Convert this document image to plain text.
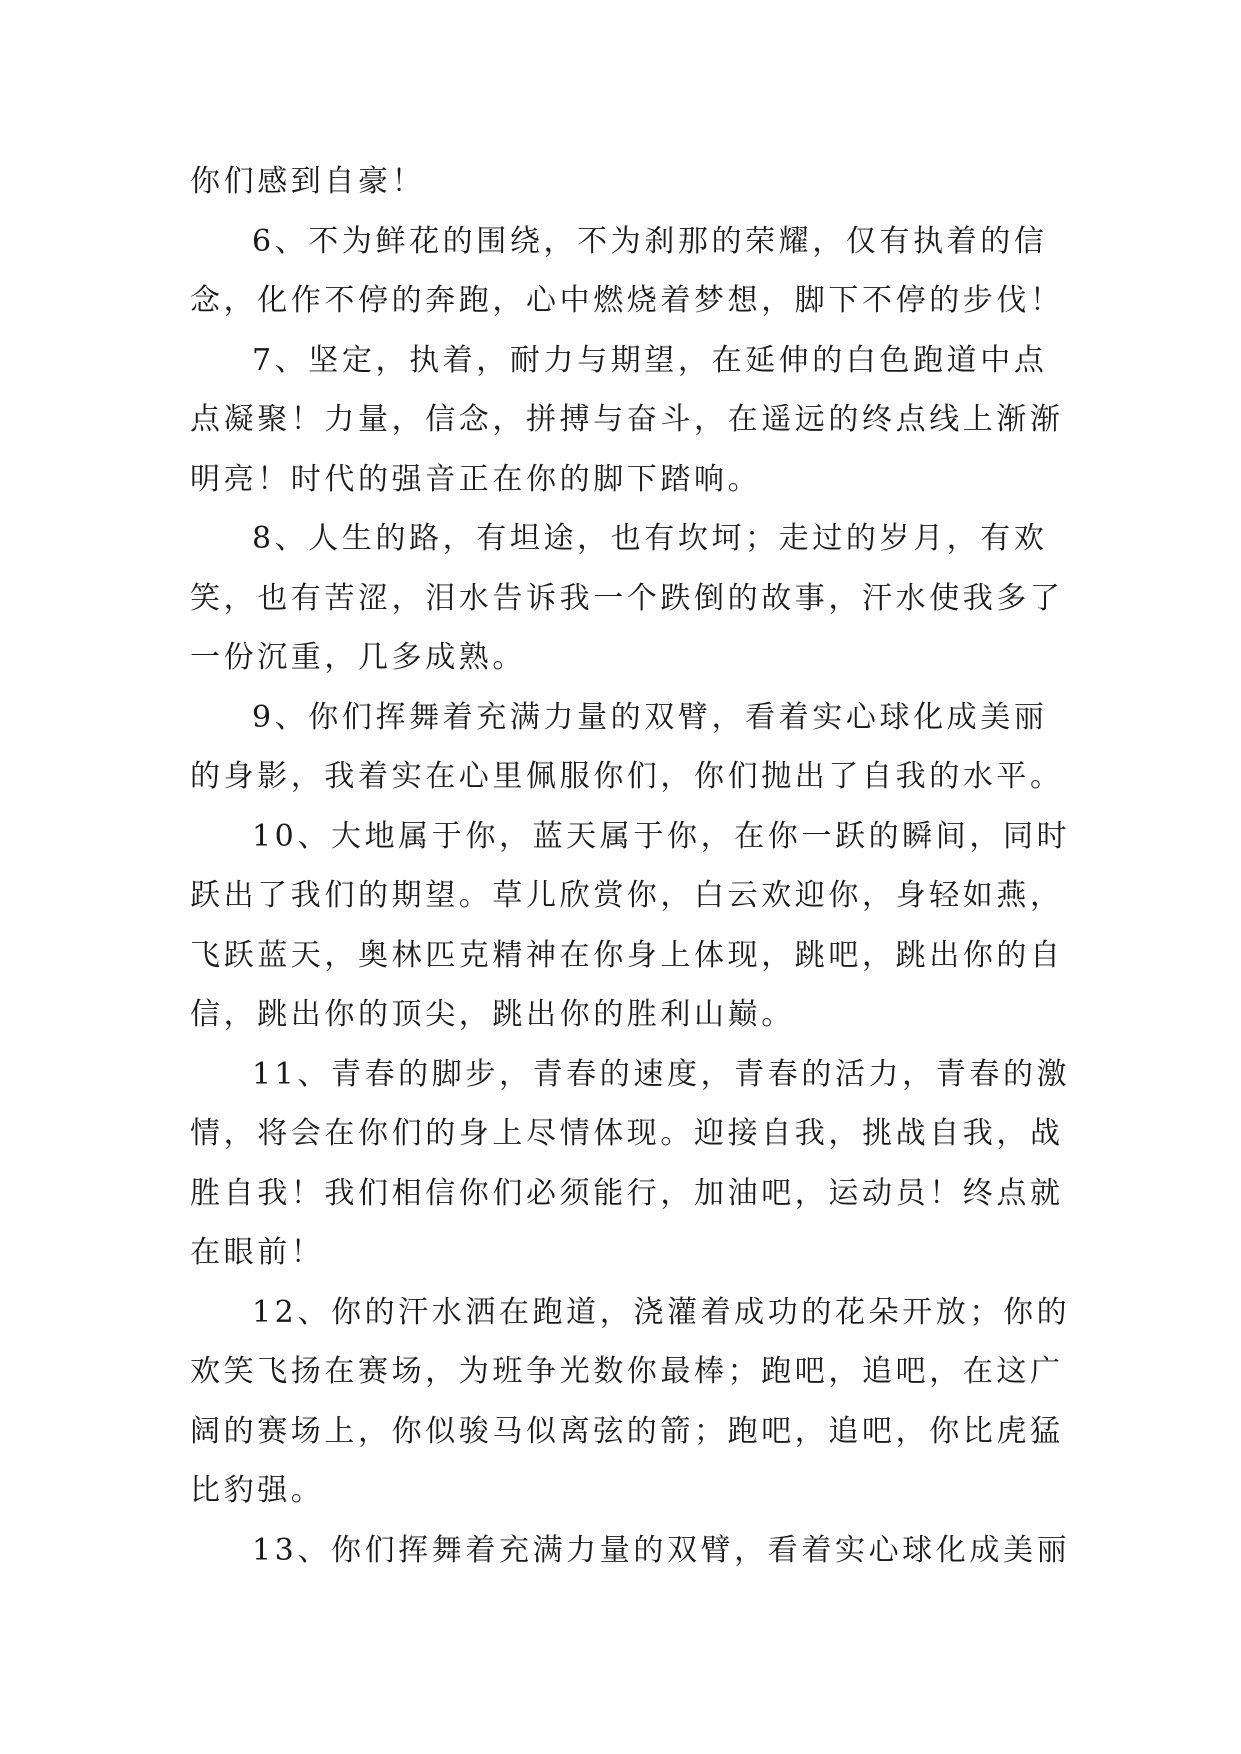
你们感到自豪！
6、不为鲜花的围绕，不为刹那的荣耀，仅有执着的信
念，化作不停的奔跑，心中燃烧着梦想，脚下不停的步伐！
7、坚定，执着，耐力与期望，在延伸的白色跑道中点
点凝聚！力量，信念，拼搏与奋斗，在遥远的终点线上渐渐
明亮！时代的强音正在你的脚下踏响。
8、人生的路，有坦途，也有坎坷；走过的岁月，有欢
笑，也有苦涩，泪水告诉我一个跌倒的故事，汗水使我多了
一份沉重，几多成熟。
9、你们挥舞着充满力量的双臂，看着实心球化成美丽
的身影，我着实在心里佩服你们，你们抛出了自我的水平。
10、大地属于你，蓝天属于你，在你一跃的瞬间，同时
跃出了我们的期望。草儿欣赏你，白云欢迎你，身轻如燕，
飞跃蓝天，奥林匹克精神在你身上体现，跳吧，跳出你的自
信，跳出你的顶尖，跳出你的胜利山巅。
11、青春的脚步，青春的速度，青春的活力，青春的激
情，将会在你们的身上尽情体现。迎接自我，挑战自我，战
胜自我！我们相信你们必须能行，加油吧，运动员！终点就
在眼前！
12、你的汗水洒在跑道，浇灌着成功的花朵开放；你的
欢笑飞扬在赛场，为班争光数你最棒；跑吧，追吧，在这广
阔的赛场上，你似骏马似离弦的箭；跑吧，追吧，你比虎猛
比豹强。
13、你们挥舞着充满力量的双臂，看着实心球化成美丽
